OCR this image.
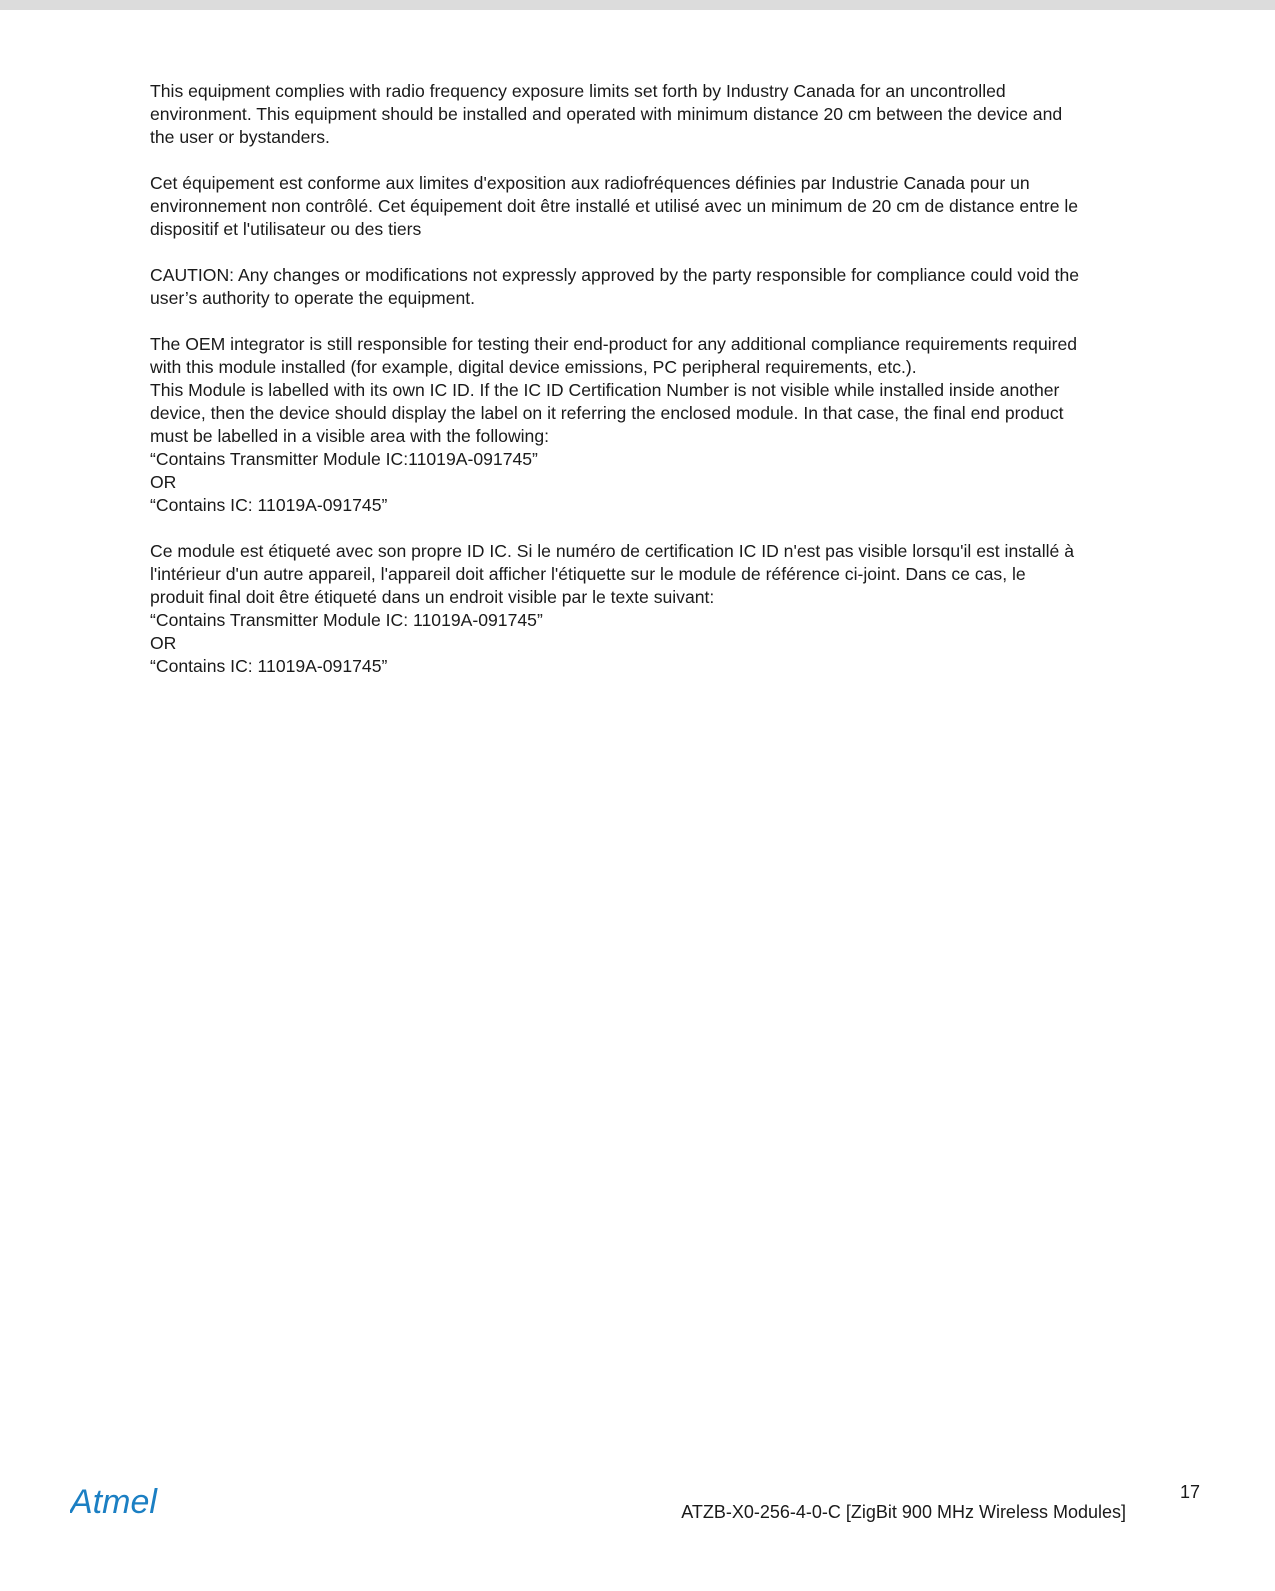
This equipment complies with radio frequency exposure limits set forth by Industry Canada for an uncontrolled
environment. This equipment should be installed and operated with minimum distance 20 cm between the device and
the user or bystanders.

Cet équipement est conforme aux limites d'exposition aux radiofréquences définies par Industrie Canada pour un
environnement non contrôlé. Cet équipement doit être installé et utilisé avec un minimum de 20 cm de distance entre le
dispositif et l'utilisateur ou des tiers

CAUTION: Any changes or modifications not expressly approved by the party responsible for compliance could void the
user’s authority to operate the equipment.

The OEM integrator is still responsible for testing their end-product for any additional compliance requirements required
with this module installed (for example, digital device emissions, PC peripheral requirements, etc.).
This Module is labelled with its own IC ID. If the IC ID Certification Number is not visible while installed inside another
device, then the device should display the label on it referring the enclosed module. In that case, the final end product
must be labelled in a visible area with the following:
“Contains Transmitter Module IC:11019A-091745”
OR
“Contains IC: 11019A-091745”

Ce module est étiqueté avec son propre ID IC. Si le numéro de certification IC ID n'est pas visible lorsqu'il est installé à
l'intérieur d'un autre appareil, l'appareil doit afficher l'étiquette sur le module de référence ci-joint. Dans ce cas, le
produit final doit être étiqueté dans un endroit visible par le texte suivant:
“Contains Transmitter Module IC: 11019A-091745”
OR
“Contains IC: 11019A-091745”

Atmel	ATZB-X0-256-4-0-C [ZigBit 900 MHz Wireless Modules]
17
